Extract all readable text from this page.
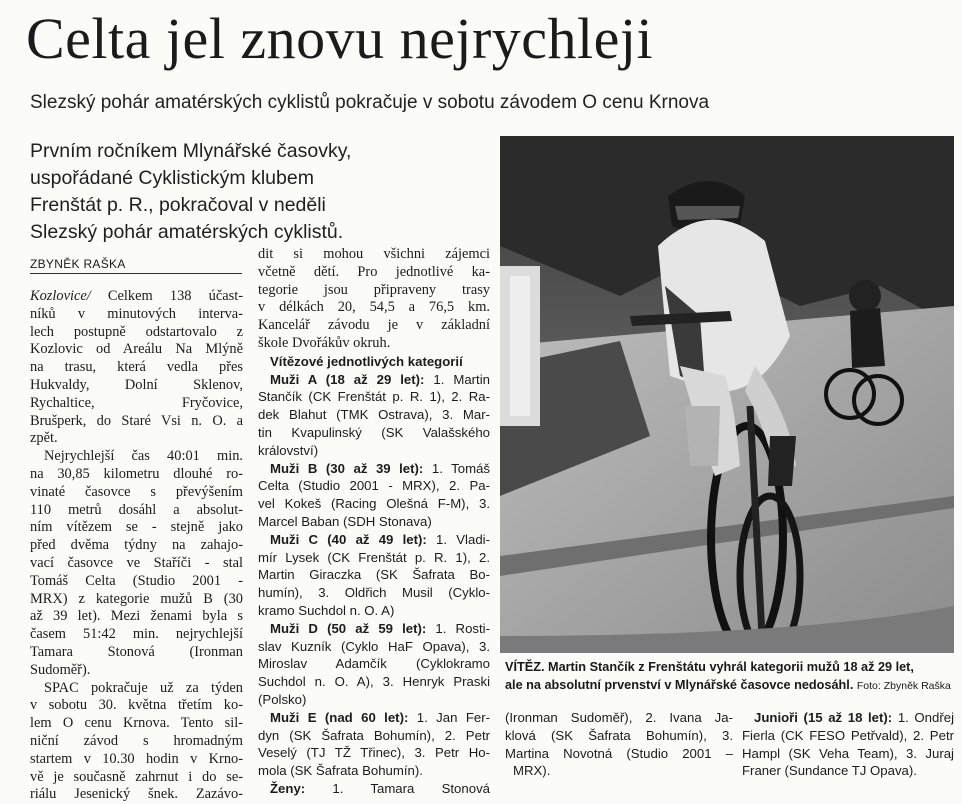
Celta jel znovu nejrychleji
Slezský pohár amatérských cyklistů pokračuje v sobotu závodem O cenu Krnova
Prvním ročníkem Mlynářské časovky,
uspořádané Cyklistickým klubem
Frenštát p. R., pokračoval v neděli
Slezský pohár amatérských cyklistů.
ZBYNĚK RAŠKA
Kozlovice/ Celkem 138 účast-
níků v minutových interva-
lech postupně odstartovalo z
Kozlovic od Areálu Na Mlýně
na trasu, která vedla přes
Hukvaldy, Dolní Sklenov,
Rychaltice, Fryčovice,
Brušperk, do Staré Vsi n. O. a
zpět.
Nejrychlejší čas 40:01 min.
na 30,85 kilometru dlouhé ro-
vinaté časovce s převýšením
110 metrů dosáhl a absolut-
ním vítězem se - stejně jako
před dvěma týdny na zahajo-
vací časovce ve Staříči - stal
Tomáš Celta (Studio 2001 -
MRX) z kategorie mužů B (30
až 39 let). Mezi ženami byla s
časem 51:42 min. nejrychlejší
Tamara Stonová (Ironman
Sudoměř).
SPAC pokračuje už za týden
v sobotu 30. května třetím ko-
lem O cenu Krnova. Tento sil-
niční závod s hromadným
startem v 10.30 hodin v Krno-
vě je současně zahrnut i do se-
riálu Jesenický šnek. Zazávo-
dit si mohou všichni zájemci
včetně dětí. Pro jednotlivé ka-
tegorie jsou připraveny trasy
v délkách 20, 54,5 a 76,5 km.
Kancelář závodu je v základní
škole Dvořákův okruh.
Vítězové jednotlivých kategorií
Muži A (18 až 29 let): 1. Martin
Stančík (CK Frenštát p. R. 1), 2. Ra-
dek Blahut (TMK Ostrava), 3. Mar-
tin Kvapulinský (SK Valašského
království)
Muži B (30 až 39 let): 1. Tomáš
Celta (Studio 2001 - MRX), 2. Pa-
vel Kokeš (Racing Olešná F-M), 3.
Marcel Baban (SDH Stonava)
Muži C (40 až 49 let): 1. Vladi-
mír Lysek (CK Frenštát p. R. 1), 2.
Martin Giraczka (SK Šafrata Bo-
humín), 3. Oldřich Musil (Cyklo-
kramo Suchdol n. O. A)
Muži D (50 až 59 let): 1. Rosti-
slav Kuzník (Cyklo HaF Opava), 3.
Miroslav Adamčík (Cyklokramo
Suchdol n. O. A), 3. Henryk Praski
(Polsko)
Muži E (nad 60 let): 1. Jan Fer-
dyn (SK Šafrata Bohumín), 2. Petr
Veselý (TJ TŽ Třinec), 3. Petr Ho-
mola (SK Šafrata Bohumín).
Ženy: 1. Tamara Stonová
VÍTĚZ. Martin Stančík z Frenštátu vyhrál kategorii mužů 18 až 29 let,
ale na absolutní prvenství v Mlynářské časovce nedosáhl. Foto: Zbyněk Raška
(Ironman Sudoměř), 2. Ivana Ja-
klová (SK Šafrata Bohumín), 3.
Martina Novotná (Studio 2001 –
MRX).
Junioři (15 až 18 let): 1. Ondřej
Fierla (CK FESO Petřvald), 2. Petr
Hampl (SK Veha Team), 3. Juraj
Franer (Sundance TJ Opava).
